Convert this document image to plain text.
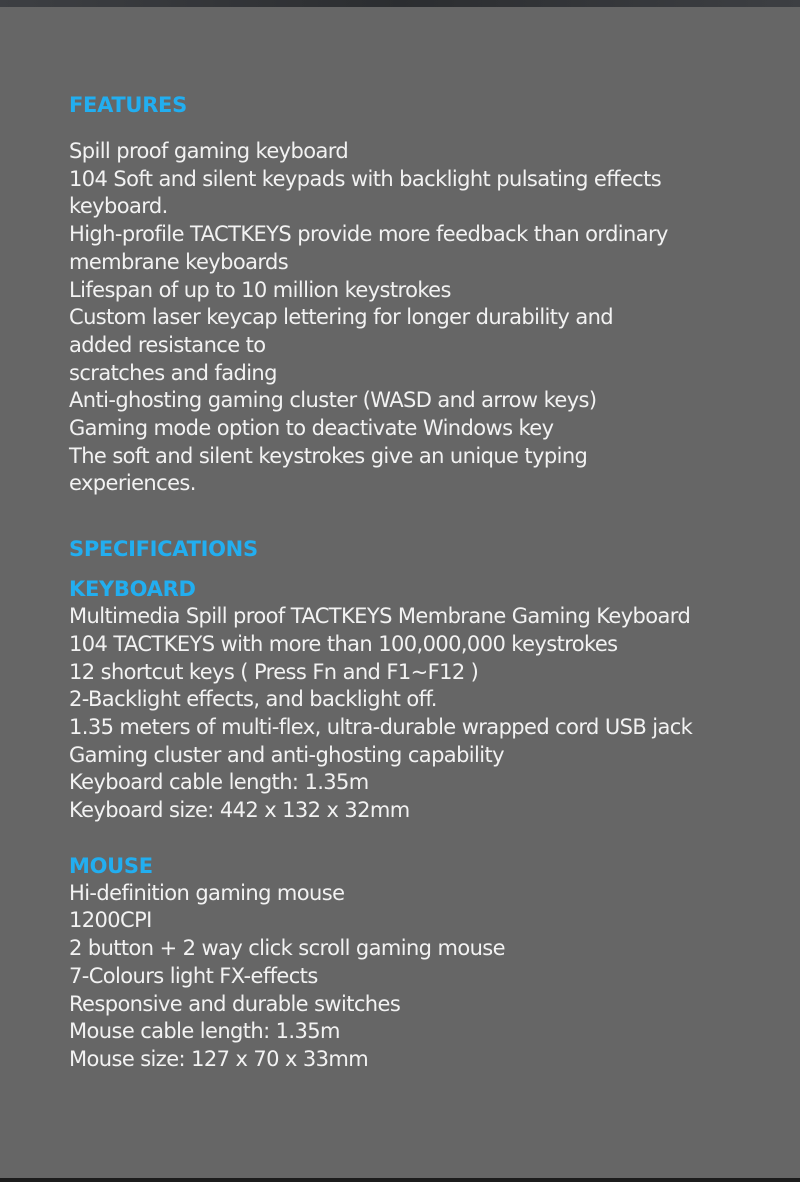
FEATURES
Spill proof gaming keyboard
104 Soft and silent keypads with backlight pulsating effects
keyboard.
High-profile TACTKEYS provide more feedback than ordinary
membrane keyboards
Lifespan of up to 10 million keystrokes
Custom laser keycap lettering for longer durability and
added resistance to
scratches and fading
Anti-ghosting gaming cluster (WASD and arrow keys)
Gaming mode option to deactivate Windows key
The soft and silent keystrokes give an unique typing
experiences.
SPECIFICATIONS
KEYBOARD
Multimedia Spill proof TACTKEYS Membrane Gaming Keyboard
104 TACTKEYS with more than 100,000,000 keystrokes
12 shortcut keys ( Press Fn and F1~F12 )
2-Backlight effects, and backlight off.
1.35 meters of multi-flex, ultra-durable wrapped cord USB jack
Gaming cluster and anti-ghosting capability
Keyboard cable length: 1.35m
Keyboard size: 442 x 132 x 32mm
MOUSE
Hi-definition gaming mouse
1200CPI
2 button + 2 way click scroll gaming mouse
7-Colours light FX-effects
Responsive and durable switches
Mouse cable length: 1.35m
Mouse size: 127 x 70 x 33mm
